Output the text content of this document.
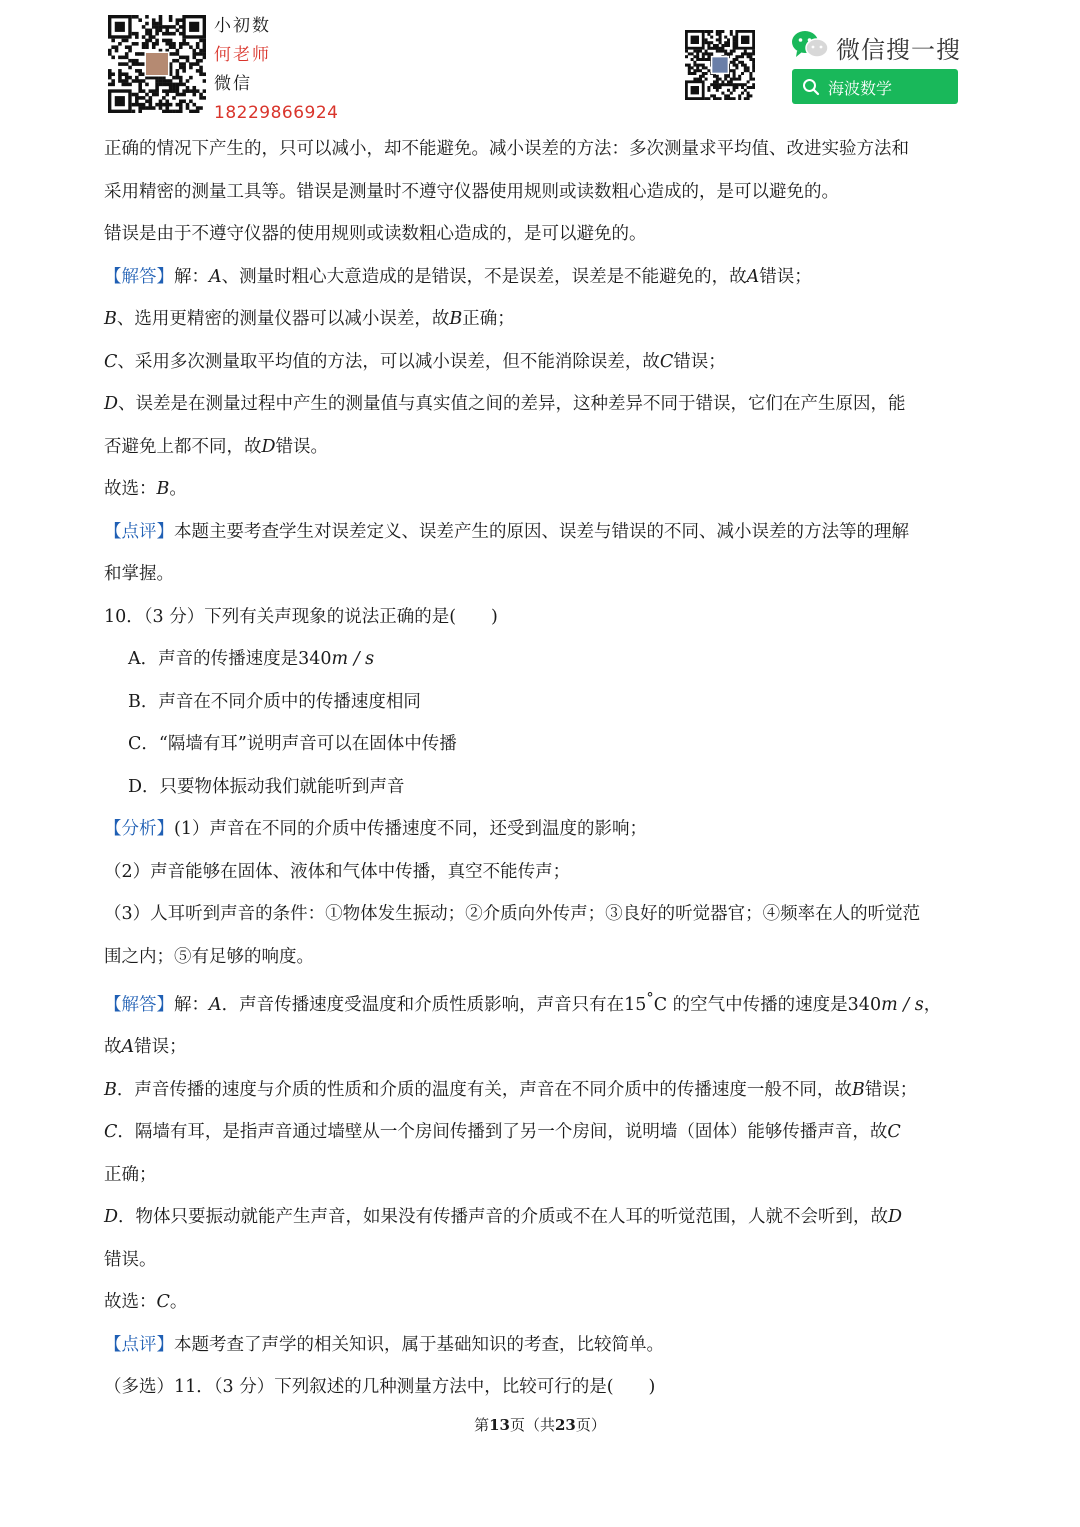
小初数
何老师
微信
18229866924
微信搜一搜
海波数学
正确的情况下产生的，只可以减小，却不能避免。减小误差的方法：多次测量求平均值、改进实验方法和
采用精密的测量工具等。错误是测量时不遵守仪器使用规则或读数粗心造成的，是可以避免的。
错误是由于不遵守仪器的使用规则或读数粗心造成的，是可以避免的。
【解答】解：A、测量时粗心大意造成的是错误，不是误差，误差是不能避免的，故A错误；
B、选用更精密的测量仪器可以减小误差，故B正确；
C、采用多次测量取平均值的方法，可以减小误差，但不能消除误差，故C错误；
D、误差是在测量过程中产生的测量值与真实值之间的差异，这种差异不同于错误，它们在产生原因，能
否避免上都不同，故D错误。
故选：B。
【点评】本题主要考查学生对误差定义、误差产生的原因、误差与错误的不同、减小误差的方法等的理解
和掌握。
10．（3 分）下列有关声现象的说法正确的是(　　)
A．声音的传播速度是340m / s
B．声音在不同介质中的传播速度相同
C．“隔墙有耳”说明声音可以在固体中传播
D．只要物体振动我们就能听到声音
【分析】(1）声音在不同的介质中传播速度不同，还受到温度的影响；
（2）声音能够在固体、液体和气体中传播，真空不能传声；
（3）人耳听到声音的条件：①物体发生振动；②介质向外传声；③良好的听觉器官；④频率在人的听觉范
围之内；⑤有足够的响度。
【解答】解：A．声音传播速度受温度和介质性质影响，声音只有在15°C 的空气中传播的速度是340m / s，
故A错误；
B．声音传播的速度与介质的性质和介质的温度有关，声音在不同介质中的传播速度一般不同，故B错误；
C．隔墙有耳，是指声音通过墙壁从一个房间传播到了另一个房间，说明墙（固体）能够传播声音，故C
正确；
D．物体只要振动就能产生声音，如果没有传播声音的介质或不在人耳的听觉范围，人就不会听到，故D
错误。
故选：C。
【点评】本题考查了声学的相关知识，属于基础知识的考查，比较简单。
（多选）11．（3 分）下列叙述的几种测量方法中，比较可行的是(　　)
第13页（共23页）
